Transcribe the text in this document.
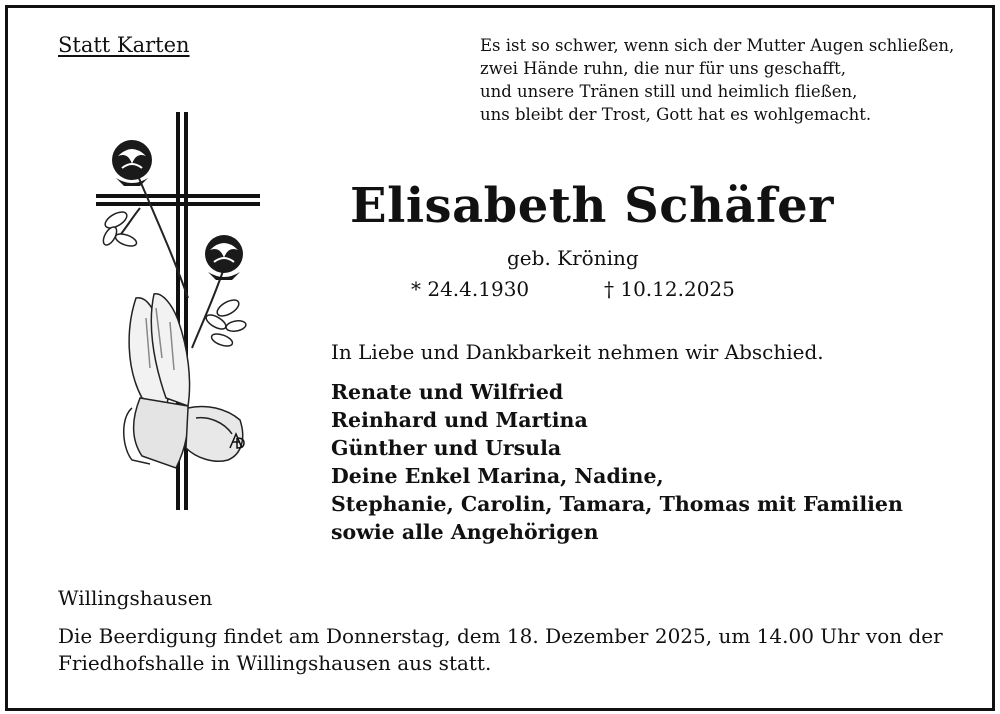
Statt Karten	Es ist so schwer, wenn sich der Mutter Augen schließen,
zwei Hände ruhn, die nur für uns geschafft,
und unsere Tränen still und heimlich fließen,
uns bleibt der Trost, Gott hat es wohlgemacht.
Elisabeth Schäfer
geb. Kröning
* 24.4.1930	† 10.12.2025
In Liebe und Dankbarkeit nehmen wir Abschied.
Renate und Wilfried
Reinhard und Martina
Günther und Ursula
Deine Enkel Marina, Nadine,
Stephanie, Carolin, Tamara, Thomas mit Familien
sowie alle Angehörigen
Willingshausen
Die Beerdigung findet am Donnerstag, dem 18. Dezember 2025, um 14.00 Uhr von der
Friedhofshalle in Willingshausen aus statt.
